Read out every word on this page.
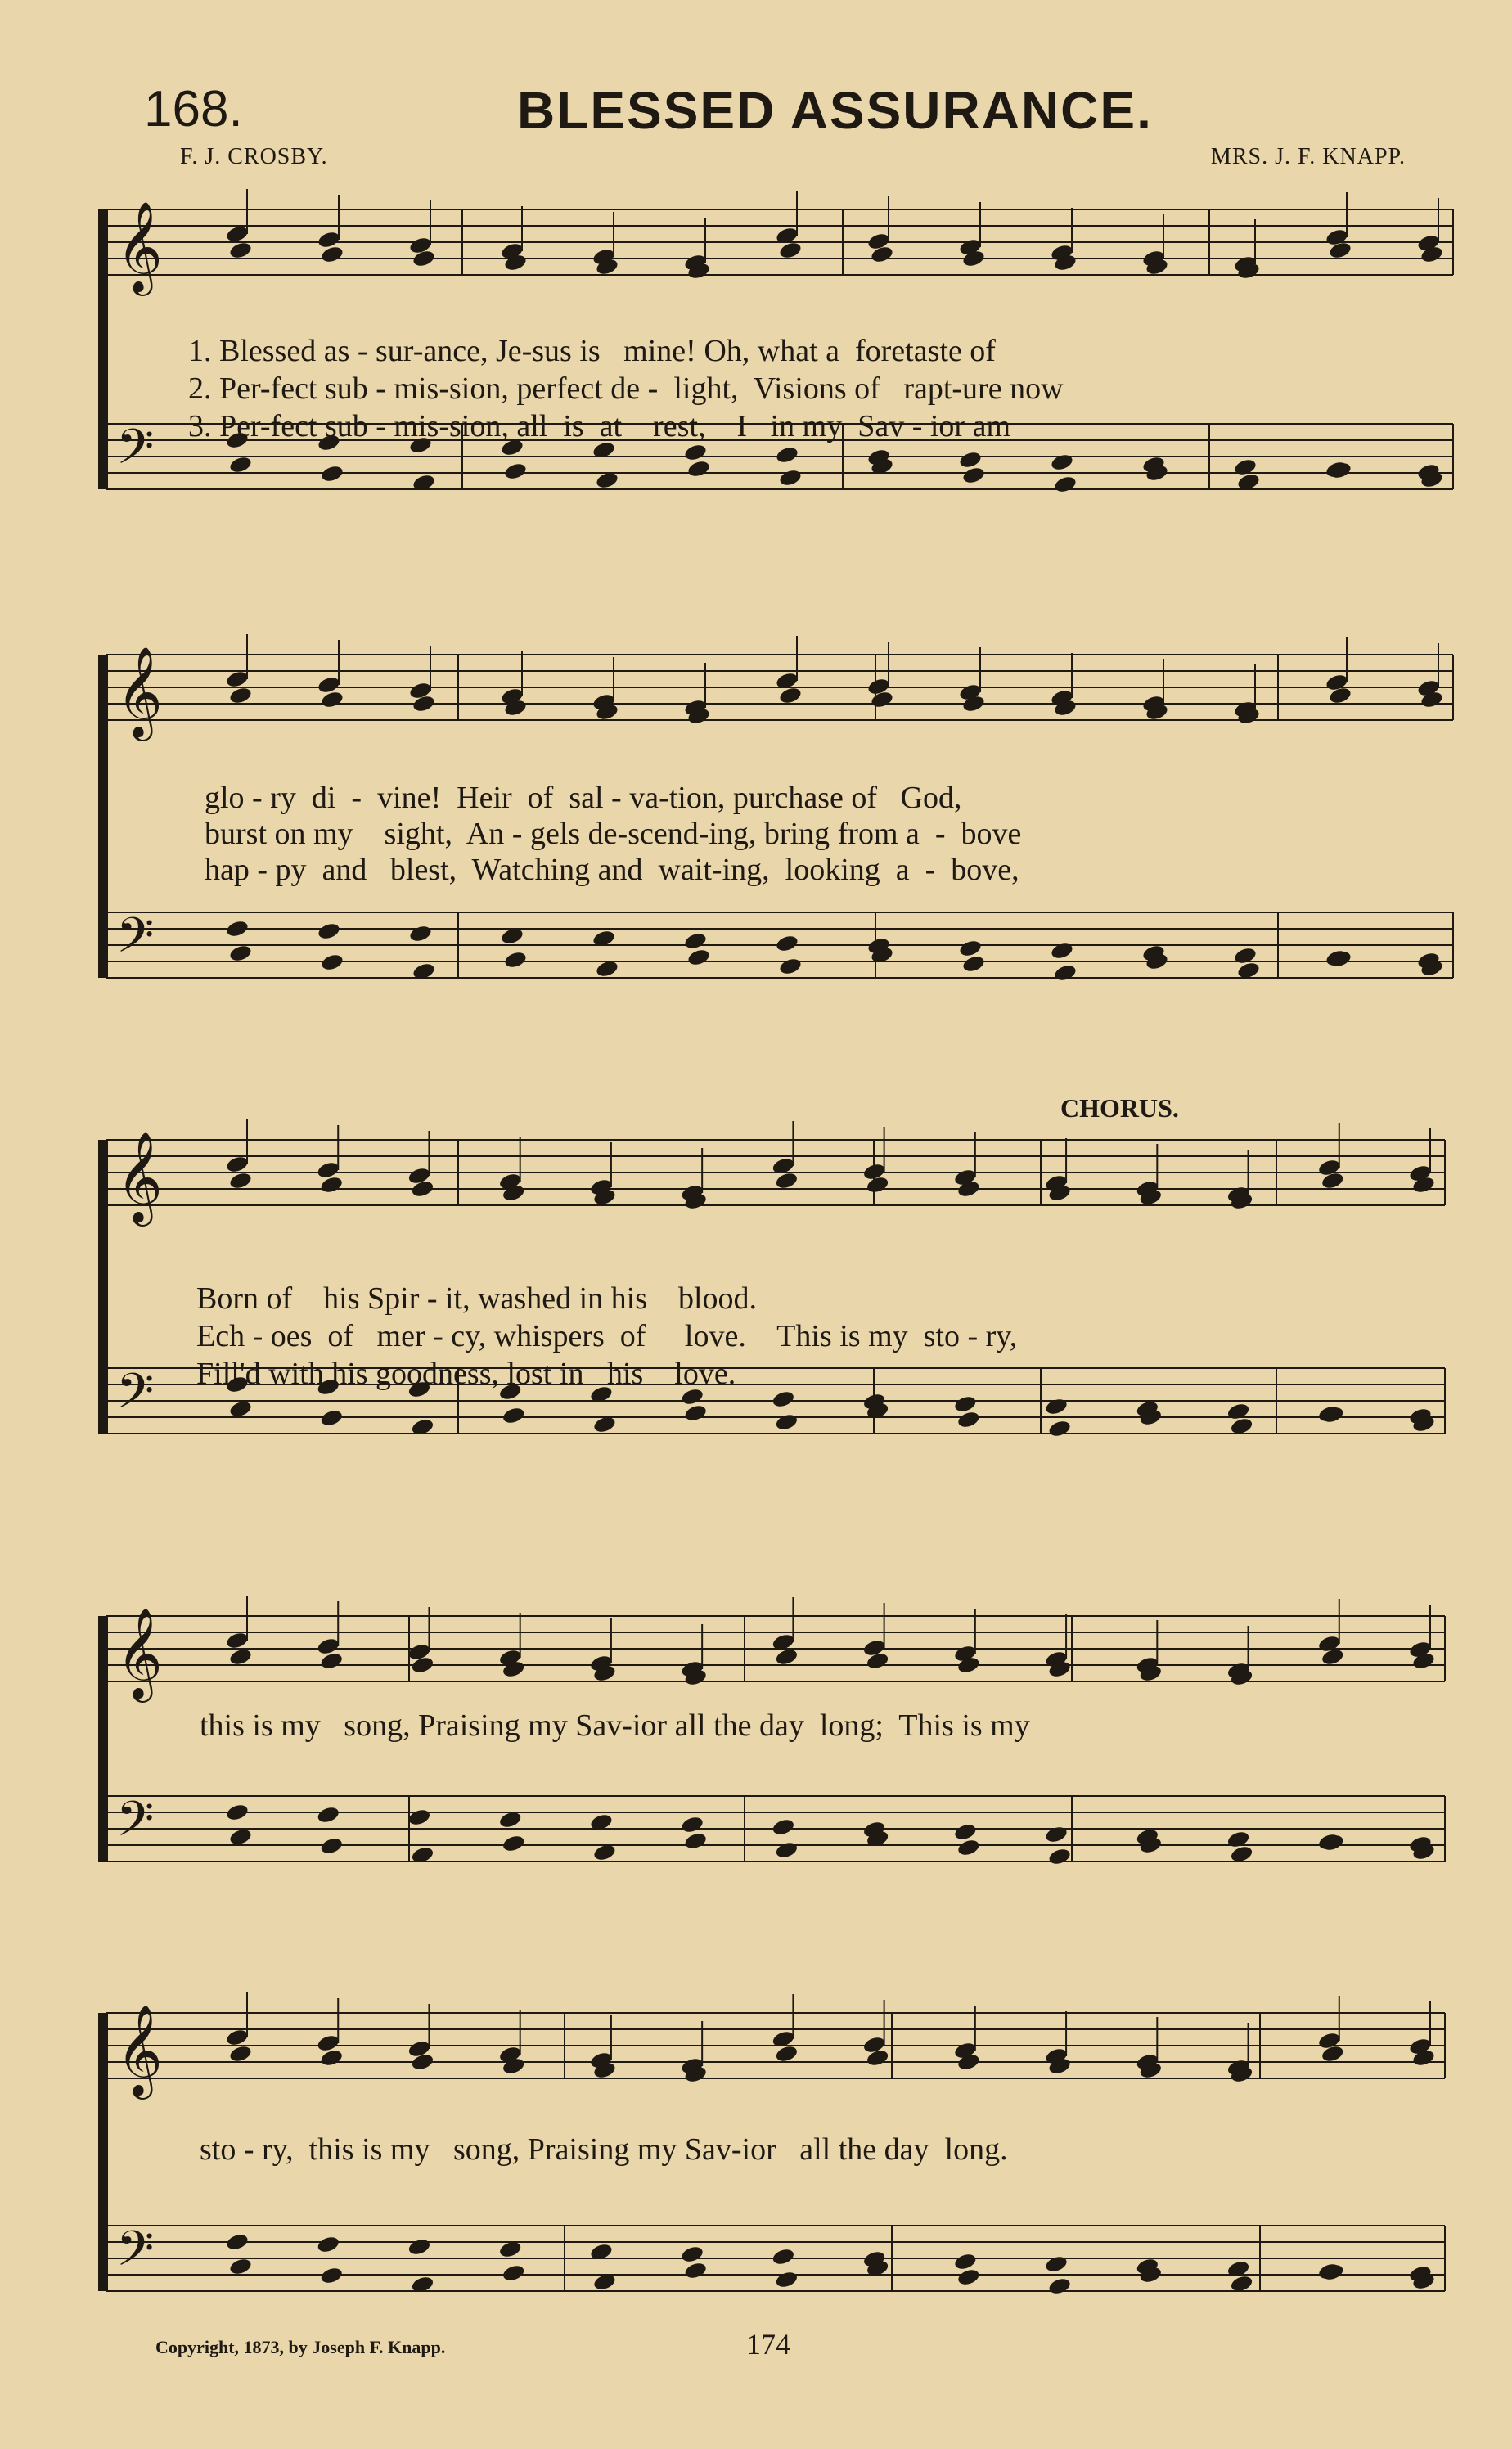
168.	BLESSED ASSURANCE.
F. J. CROSBY.	MRS. J. F. KNAPP.
𝄞
𝄢
𝄞
𝄢
𝄞
𝄢
𝄞
𝄢
𝄞
𝄢
1. Blessed as - sur-ance, Je-sus is   mine! Oh, what a  foretaste of
2. Per-fect sub - mis-sion, perfect de -  light,  Visions of   rapt-ure now
3. Per-fect sub - mis-sion, all  is  at    rest,    I   in my  Sav - ior am
glo - ry  di  -  vine!  Heir  of  sal - va-tion, purchase of   God,
burst on my    sight,  An - gels de-scend-ing, bring from a  -  bove
hap - py  and   blest,  Watching and  wait-ing,  looking  a  -  bove,
CHORUS.
Born of    his Spir - it, washed in his    blood.
Ech - oes  of   mer - cy, whispers  of     love.    This is my  sto - ry,
Fill'd with his goodness, lost in   his    love.
this is my   song, Praising my Sav-ior all the day  long;  This is my
sto - ry,  this is my   song, Praising my Sav-ior   all the day  long.
Copyright, 1873, by Joseph F. Knapp.	174
